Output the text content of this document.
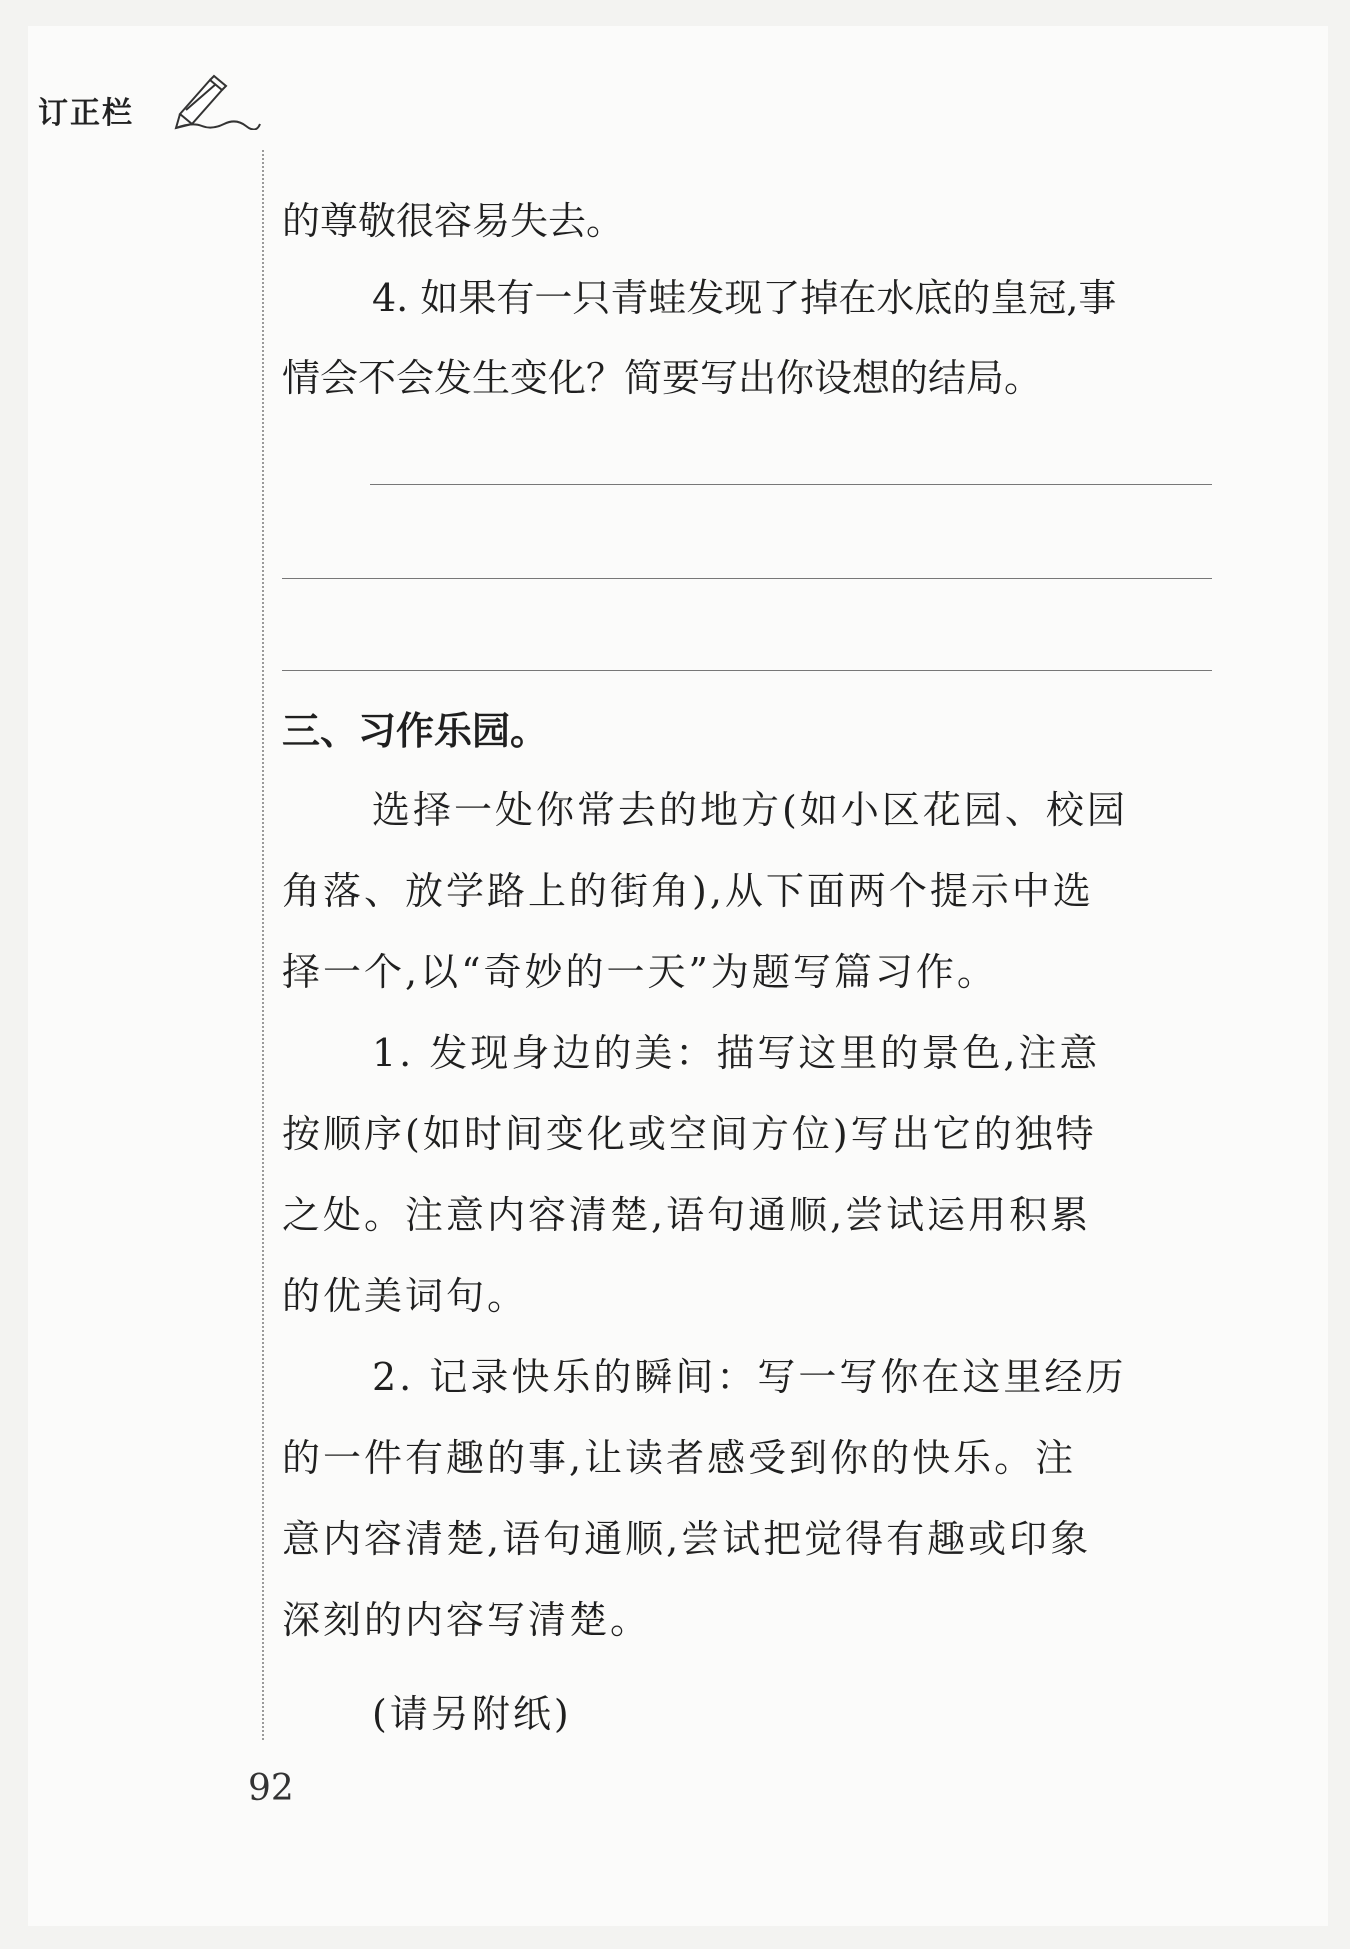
订正栏

的尊敬很容易失去。

4. 如果有一只青蛙发现了掉在水底的皇冠,事

情会不会发生变化？简要写出你设想的结局。

三、习作乐园。

选择一处你常去的地方(如小区花园、校园

角落、放学路上的街角),从下面两个提示中选

择一个,以“奇妙的一天”为题写篇习作。

1. 发现身边的美：描写这里的景色,注意

按顺序(如时间变化或空间方位)写出它的独特

之处。注意内容清楚,语句通顺,尝试运用积累

的优美词句。

2. 记录快乐的瞬间：写一写你在这里经历

的一件有趣的事,让读者感受到你的快乐。注

意内容清楚,语句通顺,尝试把觉得有趣或印象

深刻的内容写清楚。

(请另附纸)
92
